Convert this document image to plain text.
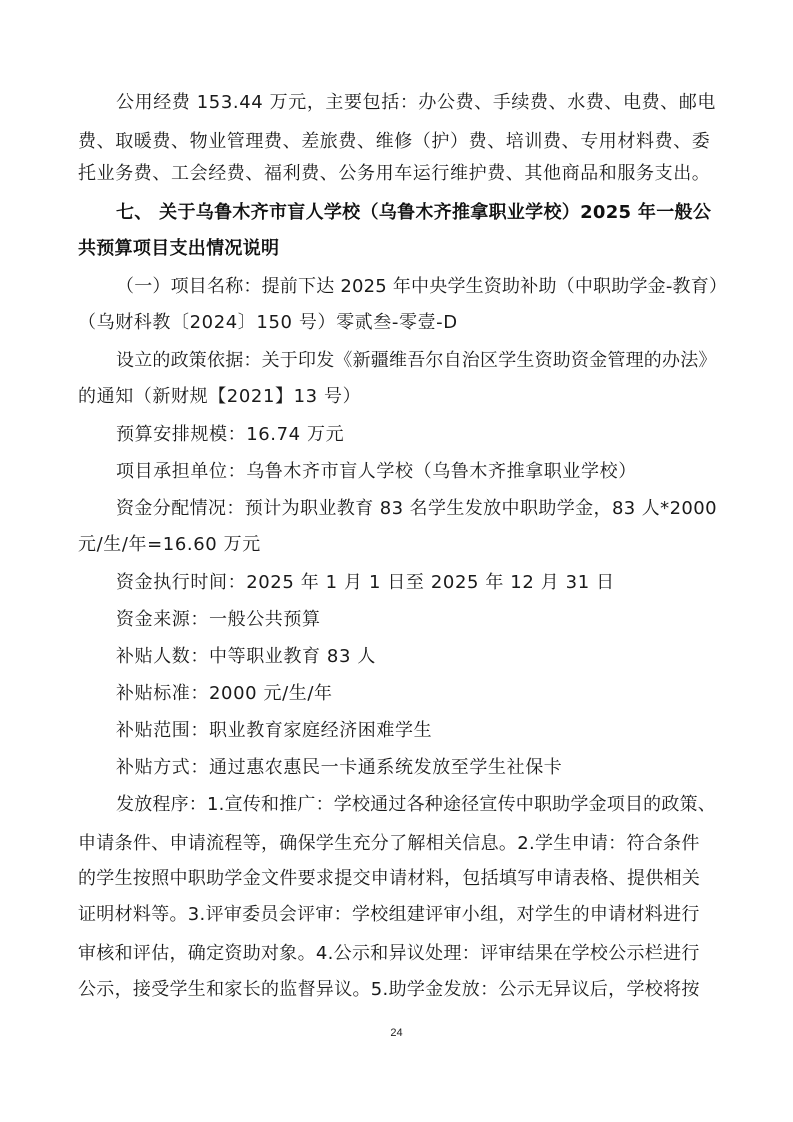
公用经费 153.44 万元，主要包括：办公费、手续费、水费、电费、邮电

费、取暖费、物业管理费、差旅费、维修（护）费、培训费、专用材料费、委

托业务费、工会经费、福利费、公务用车运行维护费、其他商品和服务支出。

七、 关于乌鲁木齐市盲人学校（乌鲁木齐推拿职业学校）2025 年一般公

共预算项目支出情况说明

（一）项目名称：提前下达 2025 年中央学生资助补助（中职助学金-教育）

（乌财科教〔2024〕150 号）零贰叁-零壹-D

设立的政策依据：关于印发《新疆维吾尔自治区学生资助资金管理的办法》

的通知（新财规【2021】13 号）

预算安排规模：16.74 万元

项目承担单位：乌鲁木齐市盲人学校（乌鲁木齐推拿职业学校）

资金分配情况：预计为职业教育 83 名学生发放中职助学金，83 人*2000

元/生/年=16.60 万元

资金执行时间：2025 年 1 月 1 日至 2025 年 12 月 31 日

资金来源：一般公共预算

补贴人数：中等职业教育 83 人

补贴标准：2000 元/生/年

补贴范围：职业教育家庭经济困难学生

补贴方式：通过惠农惠民一卡通系统发放至学生社保卡

发放程序：1.宣传和推广：学校通过各种途径宣传中职助学金项目的政策、

申请条件、申请流程等，确保学生充分了解相关信息。2.学生申请：符合条件

的学生按照中职助学金文件要求提交申请材料，包括填写申请表格、提供相关

证明材料等。3.评审委员会评审：学校组建评审小组，对学生的申请材料进行

审核和评估，确定资助对象。4.公示和异议处理：评审结果在学校公示栏进行

公示，接受学生和家长的监督异议。5.助学金发放：公示无异议后，学校将按

24
